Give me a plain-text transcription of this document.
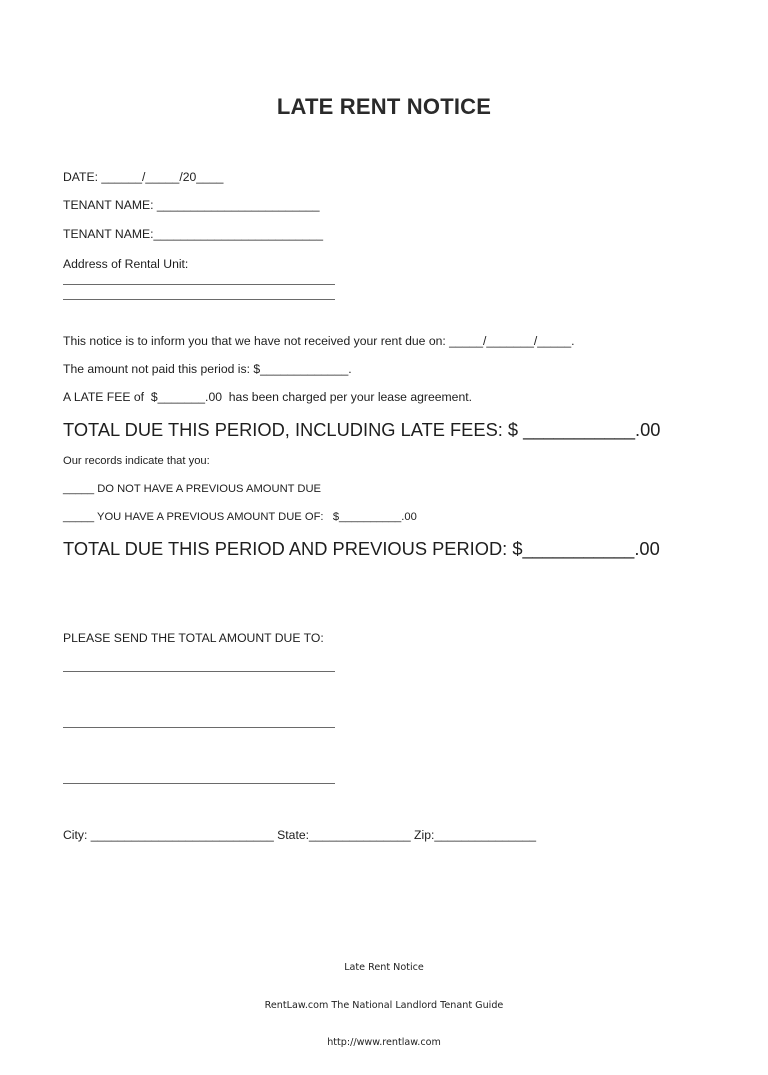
LATE RENT NOTICE
DATE: ______/_____/20____
TENANT NAME: ________________________
TENANT NAME:_________________________
Address of Rental Unit:
This notice is to inform you that we have not received your rent due on: _____/_______/_____.
The amount not paid this period is: $_____________.
A LATE FEE of  $_______.00  has been charged per your lease agreement.
TOTAL DUE THIS PERIOD, INCLUDING LATE FEES: $ ___________.00
Our records indicate that you:
_____ DO NOT HAVE A PREVIOUS AMOUNT DUE
_____ YOU HAVE A PREVIOUS AMOUNT DUE OF:   $__________.00
TOTAL DUE THIS PERIOD AND PREVIOUS PERIOD: $___________.00
PLEASE SEND THE TOTAL AMOUNT DUE TO:
City: ___________________________ State:_______________ Zip:_______________

Late Rent Notice

RentLaw.com The National Landlord Tenant Guide

http://www.rentlaw.com
